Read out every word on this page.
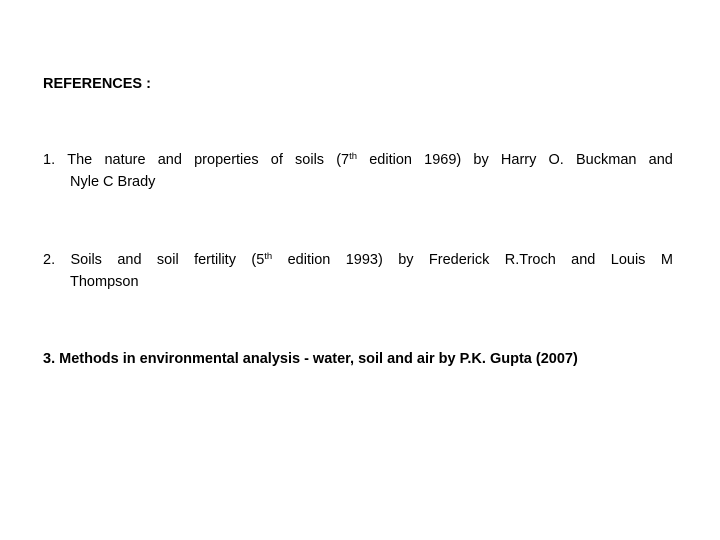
REFERENCES :
1. The nature and properties of soils (7th edition 1969) by Harry O. Buckman and
Nyle C Brady
2. Soils and soil fertility (5th edition 1993) by Frederick R.Troch and Louis M
Thompson
3. Methods in environmental analysis - water, soil and air by P.K. Gupta (2007)
